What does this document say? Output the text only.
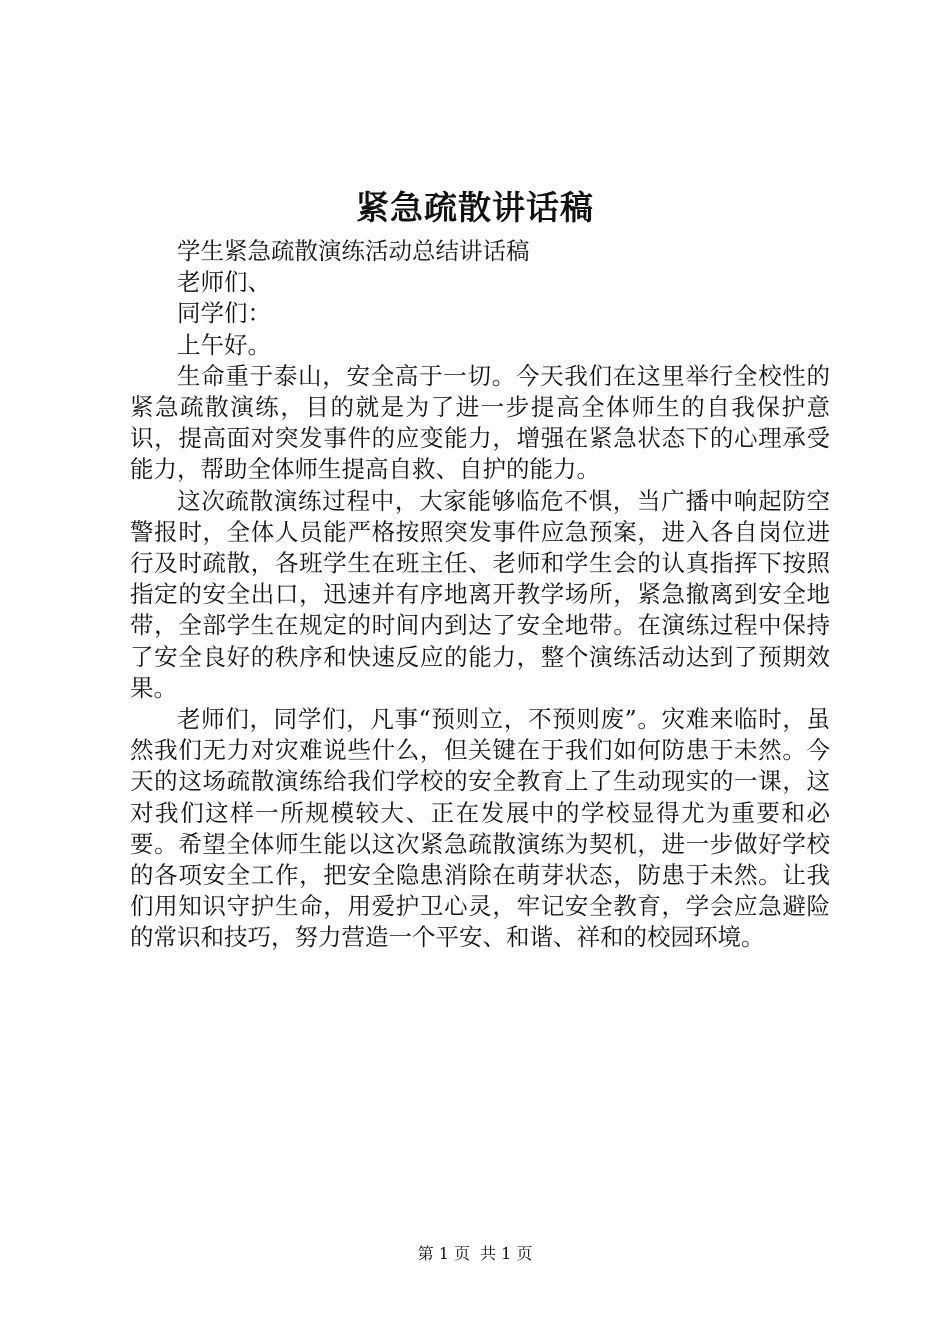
紧急疏散讲话稿

学生紧急疏散演练活动总结讲话稿

老师们、

同学们：

上午好。

生命重于泰山，安全高于一切。今天我们在这里举行全校性的紧急疏散演练，目的就是为了进一步提高全体师生的自我保护意识，提高面对突发事件的应变能力，增强在紧急状态下的心理承受能力，帮助全体师生提高自救、自护的能力。

这次疏散演练过程中，大家能够临危不惧，当广播中响起防空警报时，全体人员能严格按照突发事件应急预案，进入各自岗位进行及时疏散，各班学生在班主任、老师和学生会的认真指挥下按照指定的安全出口，迅速并有序地离开教学场所，紧急撤离到安全地带，全部学生在规定的时间内到达了安全地带。在演练过程中保持了安全良好的秩序和快速反应的能力，整个演练活动达到了预期效果。

老师们，同学们，凡事“预则立，不预则废”。灾难来临时，虽然我们无力对灾难说些什么，但关键在于我们如何防患于未然。今天的这场疏散演练给我们学校的安全教育上了生动现实的一课，这对我们这样一所规模较大、正在发展中的学校显得尤为重要和必要。希望全体师生能以这次紧急疏散演练为契机，进一步做好学校的各项安全工作，把安全隐患消除在萌芽状态，防患于未然。让我们用知识守护生命，用爱护卫心灵，牢记安全教育，学会应急避险的常识和技巧，努力营造一个平安、和谐、祥和的校园环境。

第 1 页 共 1 页
